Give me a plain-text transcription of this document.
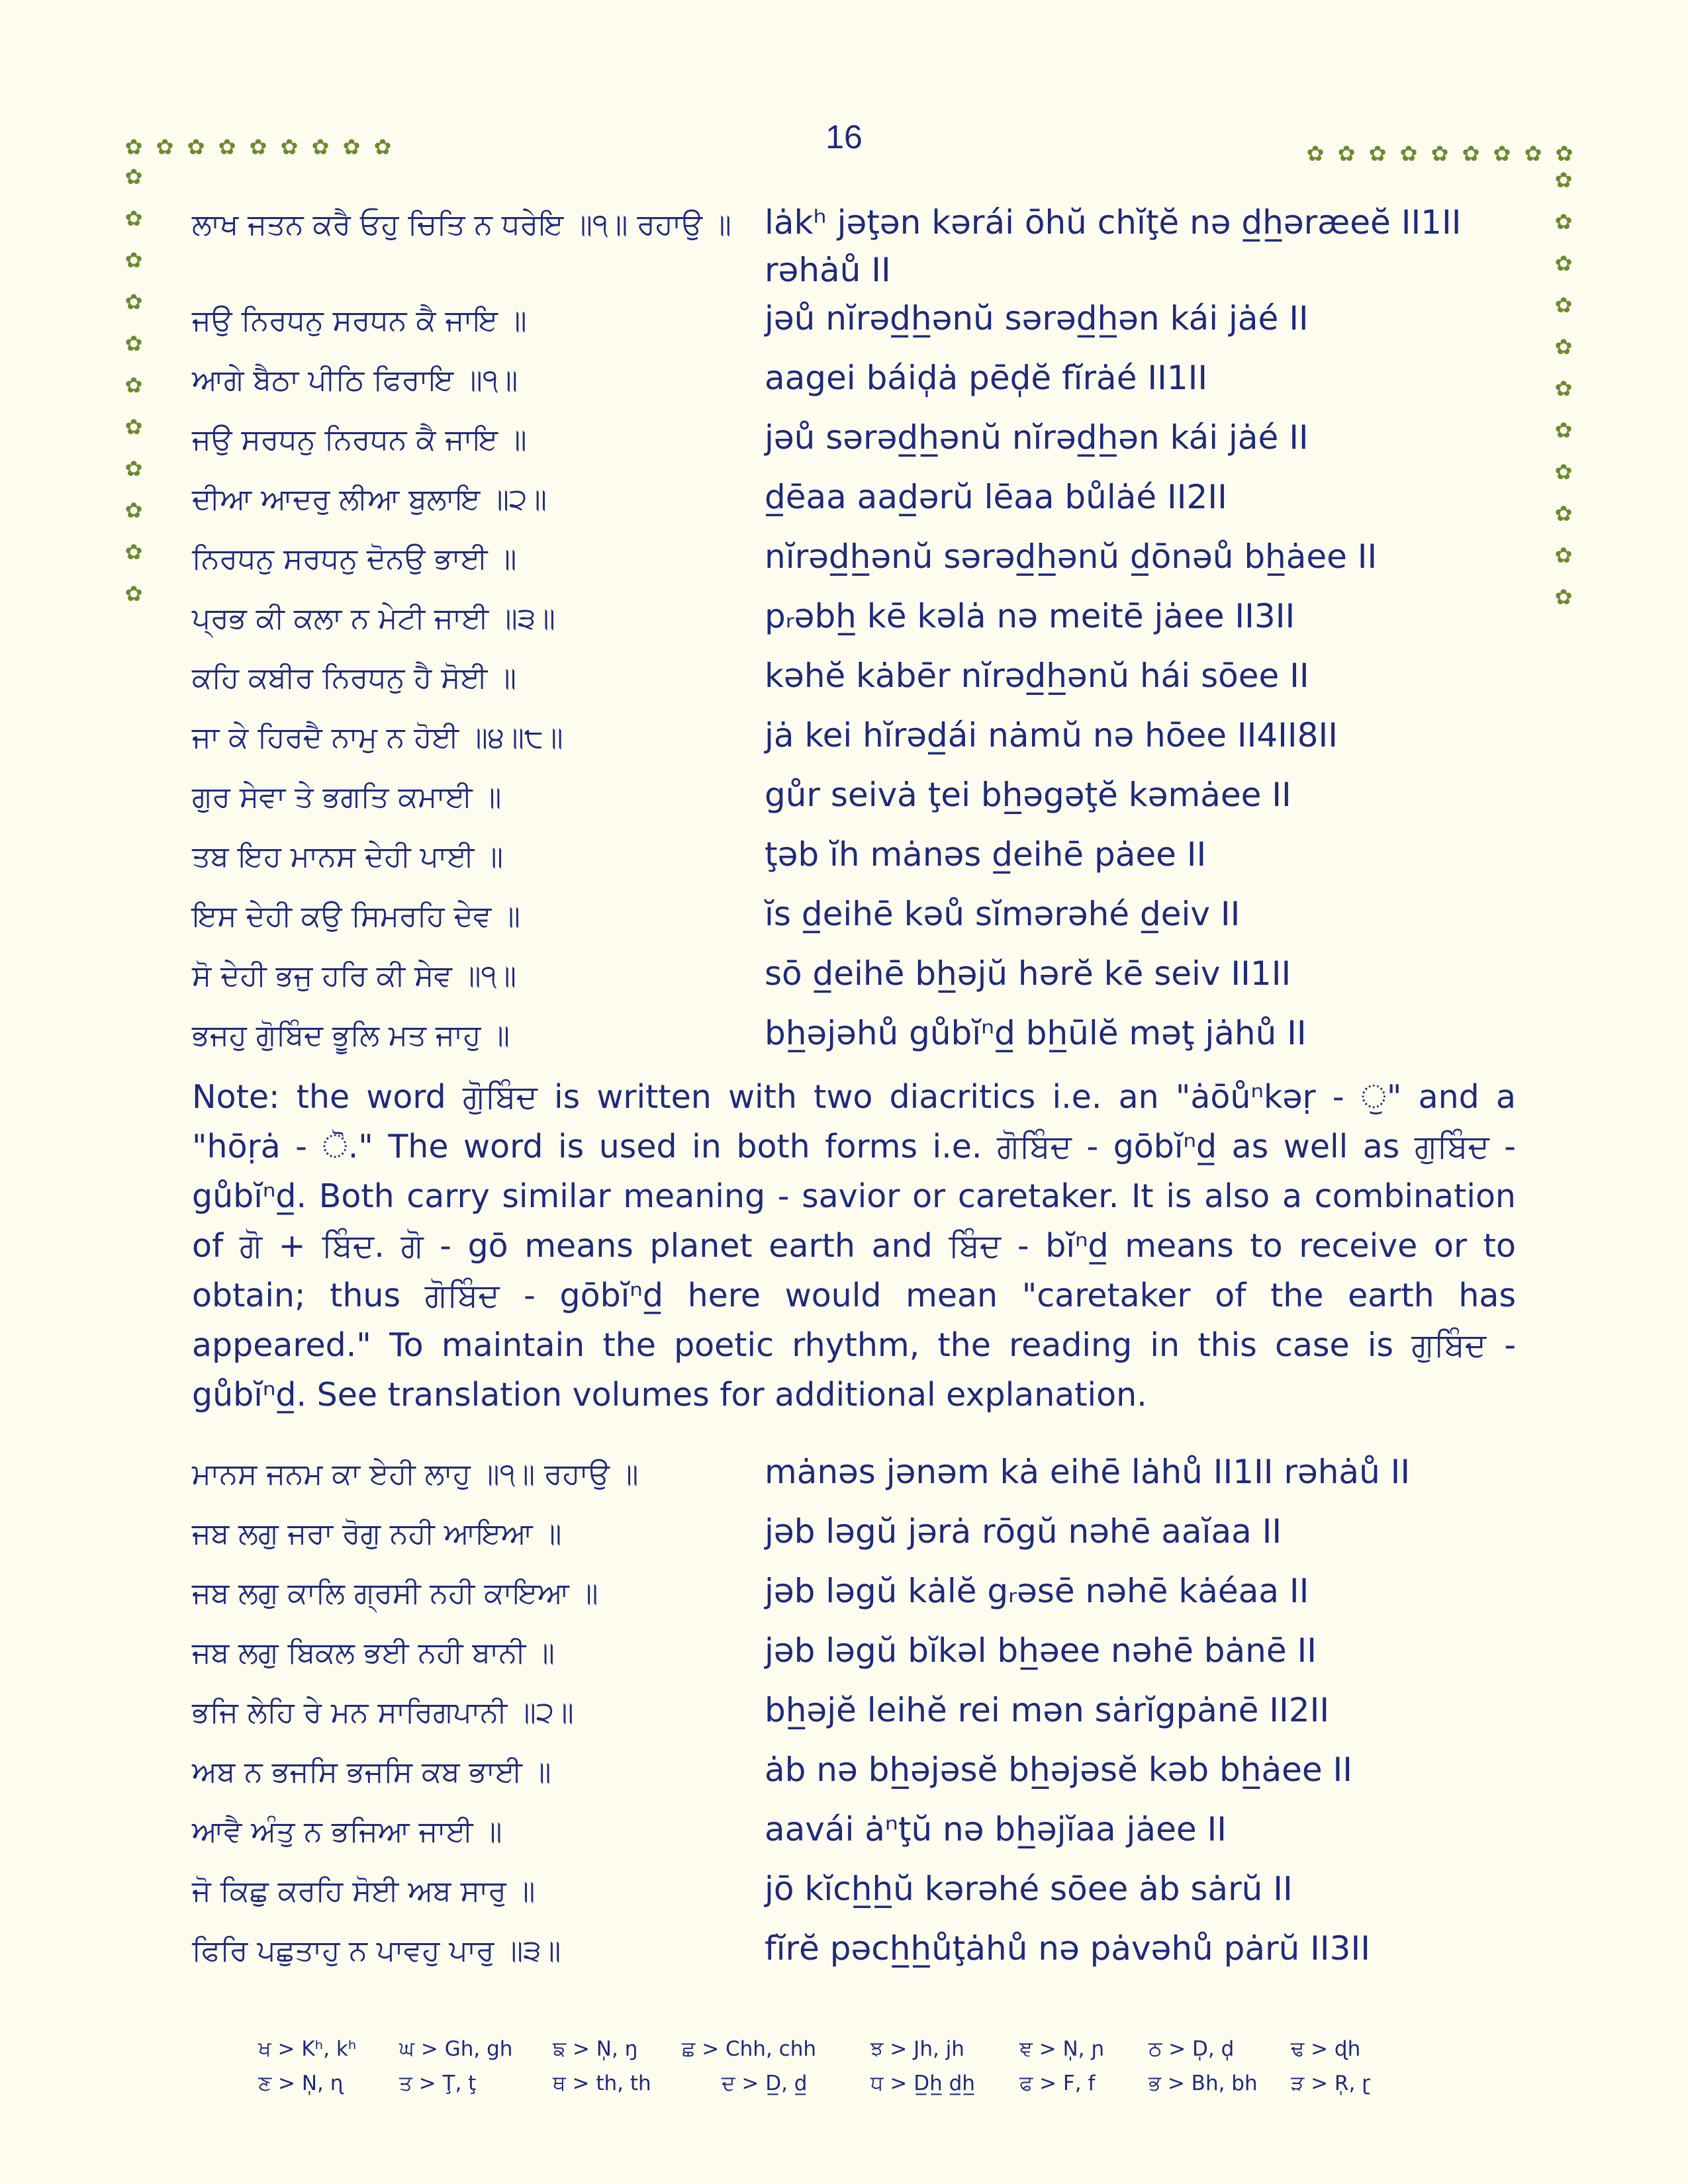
16
✿ ✿ ✿ ✿ ✿ ✿ ✿ ✿ ✿
✿
✿
✿
✿
✿
✿
✿
✿
✿
✿
✿
✿ ✿ ✿ ✿ ✿ ✿ ✿ ✿ ✿
✿
✿
✿
✿
✿
✿
✿
✿
✿
✿
✿
ਲਾਖ ਜਤਨ ਕਰੈ ਓਹੁ ਚਿਤਿ ਨ ਧਰੇਇ ॥੧॥ ਰਹਾਉ ॥	lȧkʰ jəţən kərái ōhŭ chĭţĕ nə d̲h̲əræeĕ II1II rəhȧů II
ਜਉ ਨਿਰਧਨੁ ਸਰਧਨ ਕੈ ਜਾਇ ॥	jəů nĭrəd̲h̲ənŭ sərəd̲h̲ən kái jȧé II
ਆਗੇ ਬੈਠਾ ਪੀਠਿ ਫਿਰਾਇ ॥੧॥	aagei báid̩ȧ pēd̩ĕ fĭrȧé II1II
ਜਉ ਸਰਧਨੁ ਨਿਰਧਨ ਕੈ ਜਾਇ ॥	jəů sərəd̲h̲ənŭ nĭrəd̲h̲ən kái jȧé II
ਦੀਆ ਆਦਰੁ ਲੀਆ ਬੁਲਾਇ ॥੨॥	d̲ēaa aad̲ərŭ lēaa bůlȧé II2II
ਨਿਰਧਨੁ ਸਰਧਨੁ ਦੋਨਉ ਭਾਈ ॥	nĭrəd̲h̲ənŭ sərəd̲h̲ənŭ d̲ōnəů bh̲ȧee II
ਪ੍ਰਭ ਕੀ ਕਲਾ ਨ ਮੇਟੀ ਜਾਈ ॥੩॥	pᵣəbh̲ kē kəlȧ nə meitē jȧee II3II
ਕਹਿ ਕਬੀਰ ਨਿਰਧਨੁ ਹੈ ਸੋਈ ॥	kəhĕ kȧbēr nĭrəd̲h̲ənŭ hái sōee II
ਜਾ ਕੇ ਹਿਰਦੈ ਨਾਮੁ ਨ ਹੋਈ ॥੪॥੮॥	jȧ kei hĭrəd̲ái nȧmŭ nə hōee II4II8II
ਗੁਰ ਸੇਵਾ ਤੇ ਭਗਤਿ ਕਮਾਈ ॥	gůr seivȧ ţei bh̲əgəţĕ kəmȧee II
ਤਬ ਇਹ ਮਾਨਸ ਦੇਹੀ ਪਾਈ ॥	ţəb ĭh mȧnəs d̲eihē pȧee II
ਇਸ ਦੇਹੀ ਕਉ ਸਿਮਰਹਿ ਦੇਵ ॥	ĭs d̲eihē kəů sĭmərəhé d̲eiv II
ਸੋ ਦੇਹੀ ਭਜੁ ਹਰਿ ਕੀ ਸੇਵ ॥੧॥	sō d̲eihē bh̲əjŭ hərĕ kē seiv II1II
ਭਜਹੁ ਗੋੁਬਿੰਦ ਭੂਲਿ ਮਤ ਜਾਹੁ ॥	bh̲əjəhů gůbĭⁿd̲ bh̲ūlĕ məţ jȧhů II
Note: the word ਗੋੁਬਿੰਦ is written with two diacritics i.e. an "ȧōůⁿkəṛ - ੁ" and a "hōṛȧ - ੋ." The word is used in both forms i.e. ਗੋਬਿੰਦ - gōbĭⁿd̲ as well as ਗੁਬਿੰਦ - gůbĭⁿd̲. Both carry similar meaning - savior or caretaker. It is also a combination of ਗੋ + ਬਿੰਦ. ਗੋ - gō means planet earth and ਬਿੰਦ - bĭⁿd̲ means to receive or to obtain; thus ਗੋਬਿੰਦ - gōbĭⁿd̲ here would mean "caretaker of the earth has appeared." To maintain the poetic rhythm, the reading in this case is ਗੁਬਿੰਦ - gůbĭⁿd̲. See translation volumes for additional explanation.
ਮਾਨਸ ਜਨਮ ਕਾ ਏਹੀ ਲਾਹੁ ॥੧॥ ਰਹਾਉ ॥	mȧnəs jənəm kȧ eihē lȧhů II1II rəhȧů II
ਜਬ ਲਗੁ ਜਰਾ ਰੋਗੁ ਨਹੀ ਆਇਆ ॥	jəb ləgŭ jərȧ rōgŭ nəhē aaĭaa II
ਜਬ ਲਗੁ ਕਾਲਿ ਗ੍ਰਸੀ ਨਹੀ ਕਾਇਆ ॥	jəb ləgŭ kȧlĕ gᵣəsē nəhē kȧéaa II
ਜਬ ਲਗੁ ਬਿਕਲ ਭਈ ਨਹੀ ਬਾਨੀ ॥	jəb ləgŭ bĭkəl bh̲əee nəhē bȧnē II
ਭਜਿ ਲੇਹਿ ਰੇ ਮਨ ਸਾਰਿਗਪਾਨੀ ॥੨॥	bh̲əjĕ leihĕ rei mən sȧrĭgpȧnē II2II
ਅਬ ਨ ਭਜਸਿ ਭਜਸਿ ਕਬ ਭਾਈ ॥	ȧb nə bh̲əjəsĕ bh̲əjəsĕ kəb bh̲ȧee II
ਆਵੈ ਅੰਤੁ ਨ ਭਜਿਆ ਜਾਈ ॥	aavái ȧⁿţŭ nə bh̲əjĭaa jȧee II
ਜੋ ਕਿਛੁ ਕਰਹਿ ਸੋਈ ਅਬ ਸਾਰੁ ॥	jō kĭch̲h̲ŭ kərəhé sōee ȧb sȧrŭ II
ਫਿਰਿ ਪਛੁਤਾਹੁ ਨ ਪਾਵਹੁ ਪਾਰੁ ॥੩॥	fĭrĕ pəch̲h̲ůţȧhů nə pȧvəhů pȧrŭ II3II
ਖ > Kʰ, kʰ ਘ > Gh, gh ਙ > N̩, ŋ ਛ > Chh, chh	ਝ > Jh, jh	ਞ > N̩, ɲ ਠ > D̩, d̩	ਢ > ɖh
ਣ > N̩, ɳ	ਤ > Ţ, ţ	ਥ > th, th	ਦ > D̲, d̲	ਧ > D̲h̲ d̲h̲ ਫ > F, f	ਭ > Bh, bh ੜ > R̩, ɽ
